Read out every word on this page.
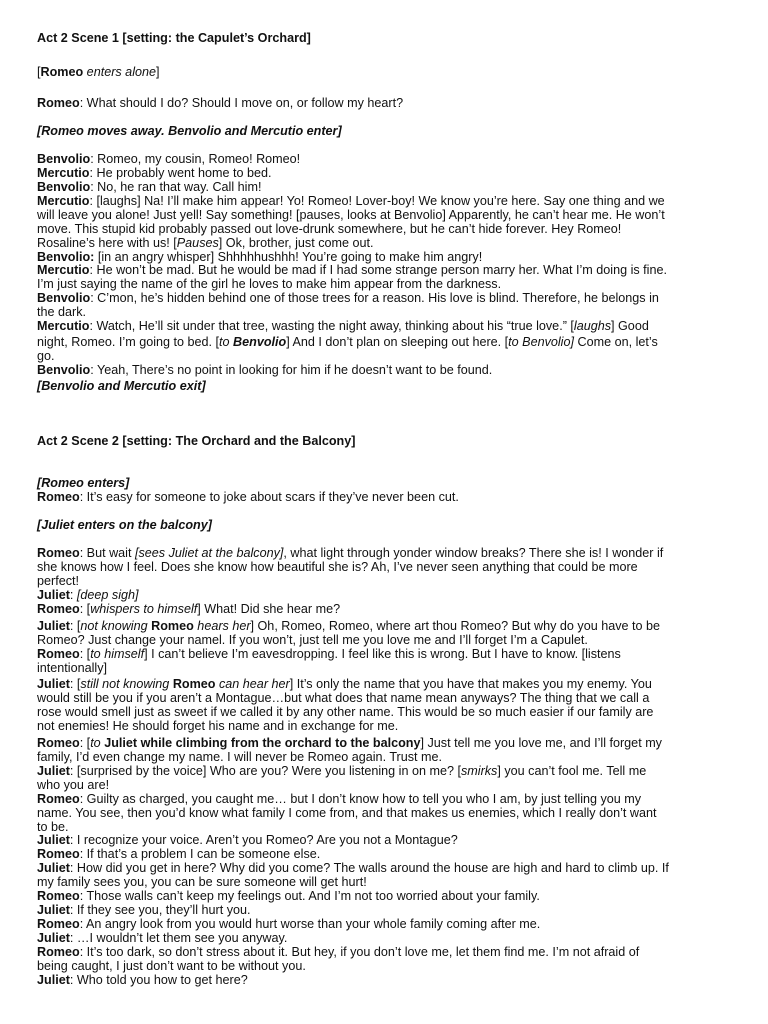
Act 2 Scene 1 [setting: the Capulet’s Orchard]
[Romeo enters alone]
Romeo: What should I do? Should I move on, or follow my heart?
[Romeo moves away. Benvolio and Mercutio enter]
Benvolio: Romeo, my cousin, Romeo! Romeo!
Mercutio: He probably went home to bed.
Benvolio: No, he ran that way. Call him!
Mercutio: [laughs] Na! I’ll make him appear! Yo! Romeo! Lover-boy! We know you’re here. Say one thing and we
will leave you alone! Just yell! Say something! [pauses, looks at Benvolio] Apparently, he can’t hear me. He won’t
move. This stupid kid probably passed out love-drunk somewhere, but he can’t hide forever. Hey Romeo!
Rosaline’s here with us! [Pauses] Ok, brother, just come out.
Benvolio: [in an angry whisper] Shhhhhushhh! You’re going to make him angry!
Mercutio: He won’t be mad. But he would be mad if I had some strange person marry her. What I’m doing is fine.
I’m just saying the name of the girl he loves to make him appear from the darkness.
Benvolio: C’mon, he’s hidden behind one of those trees for a reason. His love is blind. Therefore, he belongs in
the dark.
Mercutio: Watch, He’ll sit under that tree, wasting the night away, thinking about his “true love.” [laughs] Good
night, Romeo. I’m going to bed. [to Benvolio] And I don’t plan on sleeping out here. [to Benvolio] Come on, let’s
go.
Benvolio: Yeah, There’s no point in looking for him if he doesn’t want to be found.
[Benvolio and Mercutio exit]
Act 2 Scene 2 [setting: The Orchard and the Balcony]
[Romeo enters]
Romeo: It’s easy for someone to joke about scars if they’ve never been cut.
[Juliet enters on the balcony]
Romeo: But wait [sees Juliet at the balcony], what light through yonder window breaks? There she is! I wonder if
she knows how I feel. Does she know how beautiful she is? Ah, I’ve never seen anything that could be more
perfect!
Juliet: [deep sigh]
Romeo: [whispers to himself] What! Did she hear me?
Juliet: [not knowing Romeo hears her] Oh, Romeo, Romeo, where art thou Romeo? But why do you have to be
Romeo? Just change your namel. If you won’t, just tell me you love me and I’ll forget I’m a Capulet.
Romeo: [to himself] I can’t believe I’m eavesdropping. I feel like this is wrong. But I have to know. [listens
intentionally]
Juliet: [still not knowing Romeo can hear her] It’s only the name that you have that makes you my enemy. You
would still be you if you aren’t a Montague…but what does that name mean anyways? The thing that we call a
rose would smell just as sweet if we called it by any other name. This would be so much easier if our family are
not enemies! He should forget his name and in exchange for me.
Romeo: [to Juliet while climbing from the orchard to the balcony] Just tell me you love me, and I’ll forget my
family, I’d even change my name. I will never be Romeo again. Trust me.
Juliet: [surprised by the voice] Who are you? Were you listening in on me? [smirks] you can’t fool me. Tell me
who you are!
Romeo: Guilty as charged, you caught me… but I don’t know how to tell you who I am, by just telling you my
name. You see, then you’d know what family I come from, and that makes us enemies, which I really don’t want
to be.
Juliet: I recognize your voice. Aren’t you Romeo? Are you not a Montague?
Romeo: If that’s a problem I can be someone else.
Juliet: How did you get in here? Why did you come? The walls around the house are high and hard to climb up. If
my family sees you, you can be sure someone will get hurt!
Romeo: Those walls can’t keep my feelings out. And I’m not too worried about your family.
Juliet: If they see you, they’ll hurt you.
Romeo: An angry look from you would hurt worse than your whole family coming after me.
Juliet: …I wouldn’t let them see you anyway.
Romeo: It’s too dark, so don’t stress about it. But hey, if you don’t love me, let them find me. I’m not afraid of
being caught, I just don’t want to be without you.
Juliet: Who told you how to get here?
